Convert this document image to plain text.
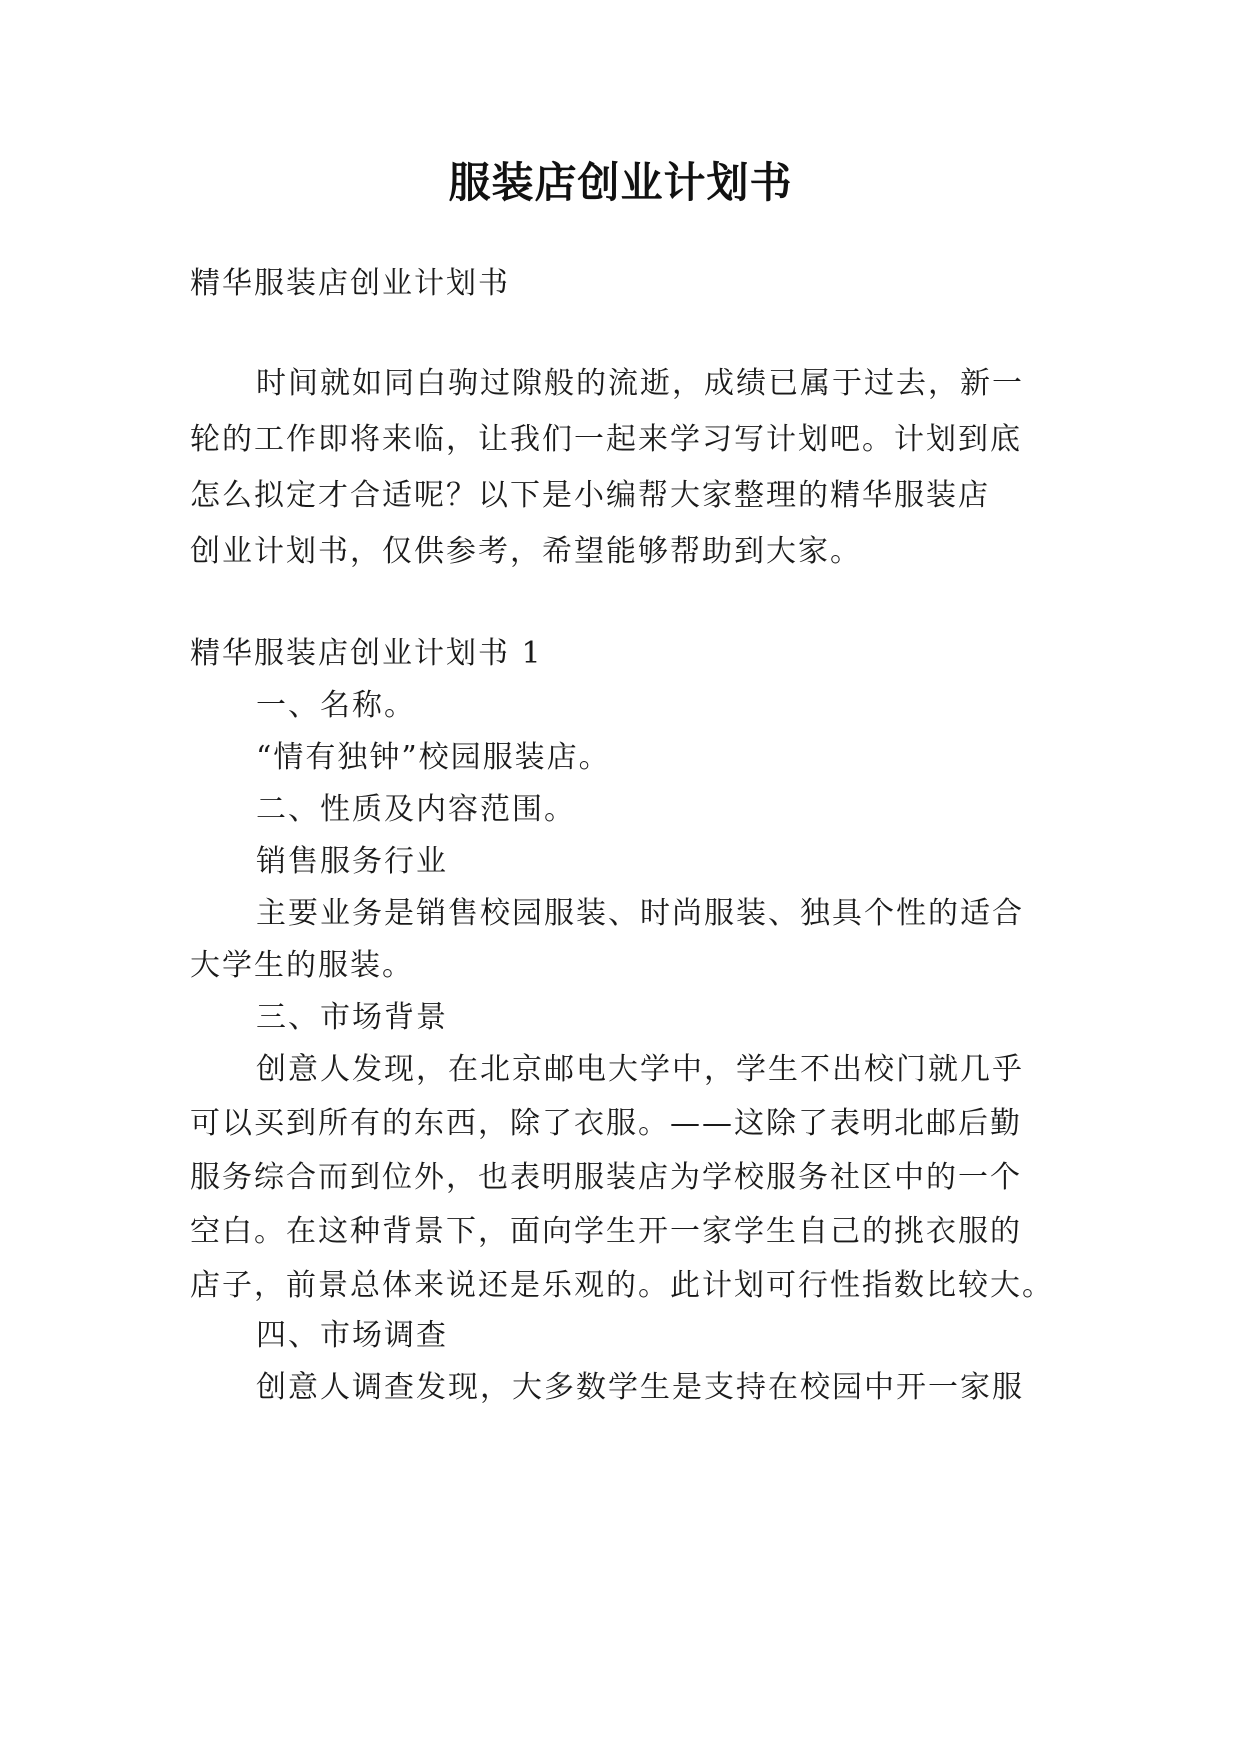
服装店创业计划书
精华服装店创业计划书
时间就如同白驹过隙般的流逝，成绩已属于过去，新一
轮的工作即将来临，让我们一起来学习写计划吧。计划到底
怎么拟定才合适呢？以下是小编帮大家整理的精华服装店
创业计划书，仅供参考，希望能够帮助到大家。
精华服装店创业计划书 1
一、名称。
“情有独钟”校园服装店。
二、性质及内容范围。
销售服务行业
主要业务是销售校园服装、时尚服装、独具个性的适合
大学生的服装。
三、市场背景
创意人发现，在北京邮电大学中，学生不出校门就几乎
可以买到所有的东西，除了衣服。——这除了表明北邮后勤
服务综合而到位外，也表明服装店为学校服务社区中的一个
空白。在这种背景下，面向学生开一家学生自己的挑衣服的
店子，前景总体来说还是乐观的。此计划可行性指数比较大。
四、市场调查
创意人调查发现，大多数学生是支持在校园中开一家服
